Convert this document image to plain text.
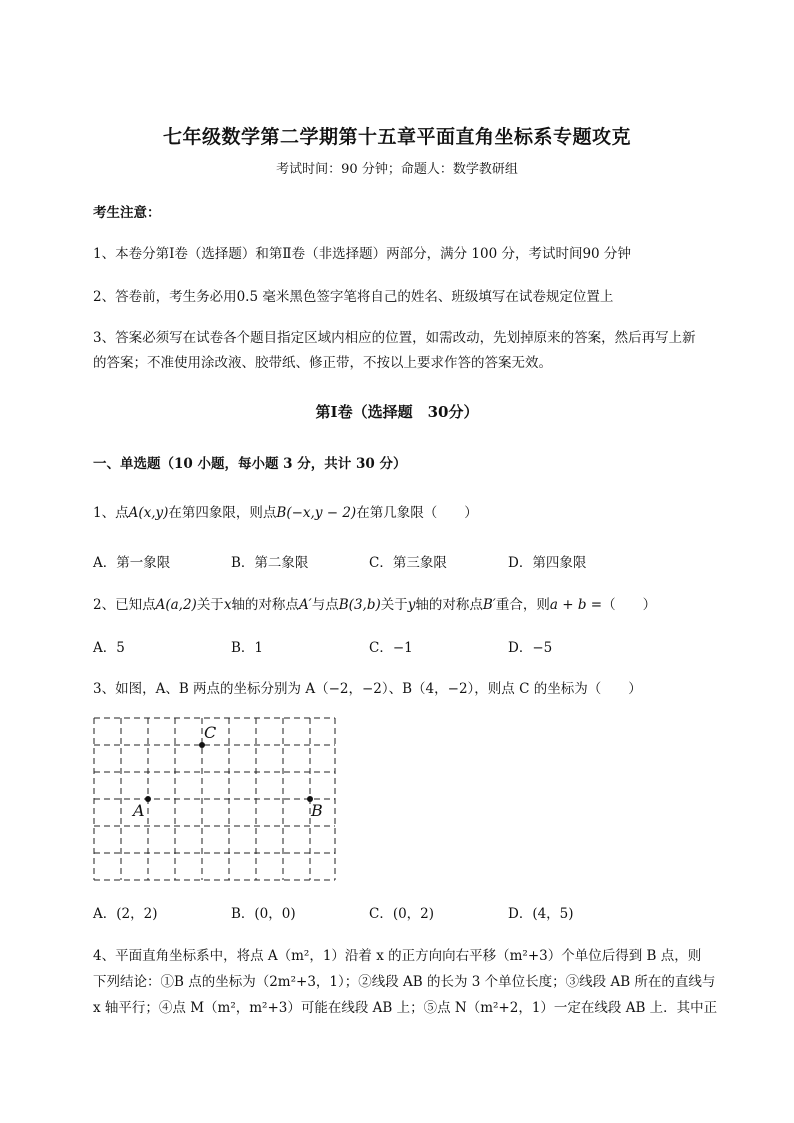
七年级数学第二学期第十五章平面直角坐标系专题攻克
考试时间：90 分钟；命题人：数学教研组
考生注意：
1、本卷分第Ⅰ卷（选择题）和第Ⅱ卷（非选择题）两部分，满分 100 分，考试时间90 分钟
2、答卷前，考生务必用0.5 毫米黑色签字笔将自己的姓名、班级填写在试卷规定位置上
3、答案必须写在试卷各个题目指定区域内相应的位置，如需改动，先划掉原来的答案，然后再写上新
的答案；不准使用涂改液、胶带纸、修正带，不按以上要求作答的答案无效。
第Ⅰ卷（选择题　30分）
一、单选题（10 小题，每小题 3 分，共计 30 分）
1、点A(x,y)在第四象限，则点B(−x,y − 2)在第几象限（　　）
A．第一象限	B．第二象限	C．第三象限	D．第四象限
2、已知点A(a,2)关于x轴的对称点A′与点B(3,b)关于y轴的对称点B′重合，则a + b =（　　）
A．5	B．1	C．−1	D．−5
3、如图，A、B 两点的坐标分别为 A（−2，−2）、B（4，−2），则点 C 的坐标为（　　）
C
A	B
A．(2，2)	B．(0，0)	C．(0，2)	D．(4，5)
4、平面直角坐标系中，将点 A（m²，1）沿着 x 的正方向向右平移（m²+3）个单位后得到 B 点，则
下列结论：①B 点的坐标为（2m²+3，1）；②线段 AB 的长为 3 个单位长度；③线段 AB 所在的直线与
x 轴平行；④点 M（m²，m²+3）可能在线段 AB 上；⑤点 N（m²+2，1）一定在线段 AB 上．其中正
